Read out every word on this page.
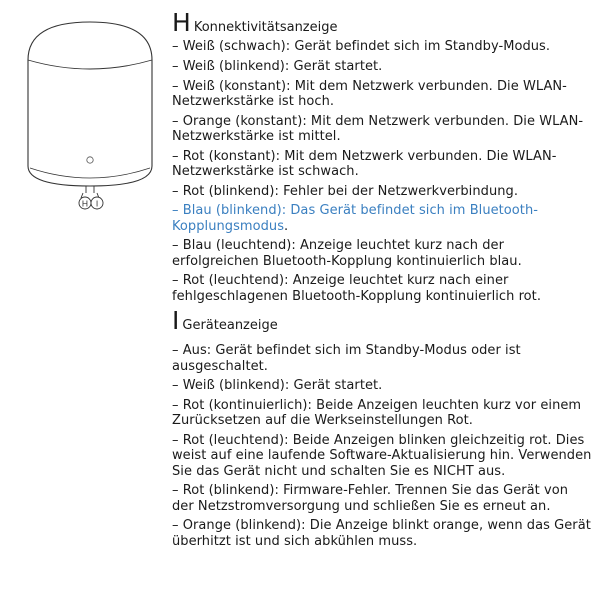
H I
H Konnektivitätsanzeige

– Weiß (schwach): Gerät befindet sich im Standby-Modus.

– Weiß (blinkend): Gerät startet.

– Weiß (konstant): Mit dem Netzwerk verbunden. Die WLAN-Netzwerkstärke ist hoch.

– Orange (konstant): Mit dem Netzwerk verbunden. Die WLAN-Netzwerkstärke ist mittel.

– Rot (konstant): Mit dem Netzwerk verbunden. Die WLAN-Netzwerkstärke ist schwach.

– Rot (blinkend): Fehler bei der Netzwerkverbindung.

– Blau (blinkend): Das Gerät befindet sich im Bluetooth-Kopplungsmodus.

– Blau (leuchtend): Anzeige leuchtet kurz nach der erfolgreichen Bluetooth-Kopplung kontinuierlich blau.

– Rot (leuchtend): Anzeige leuchtet kurz nach einer fehlgeschlagenen Bluetooth-Kopplung kontinuierlich rot.

I Geräteanzeige

– Aus: Gerät befindet sich im Standby-Modus oder ist ausgeschaltet.

– Weiß (blinkend): Gerät startet.

– Rot (kontinuierlich): Beide Anzeigen leuchten kurz vor einem Zurücksetzen auf die Werkseinstellungen Rot.

– Rot (leuchtend): Beide Anzeigen blinken gleichzeitig rot. Dies weist auf eine laufende Software-Aktualisierung hin. Verwenden Sie das Gerät nicht und schalten Sie es NICHT aus.

– Rot (blinkend): Firmware-Fehler. Trennen Sie das Gerät von der Netzstromversorgung und schließen Sie es erneut an.

– Orange (blinkend): Die Anzeige blinkt orange, wenn das Gerät überhitzt ist und sich abkühlen muss.
